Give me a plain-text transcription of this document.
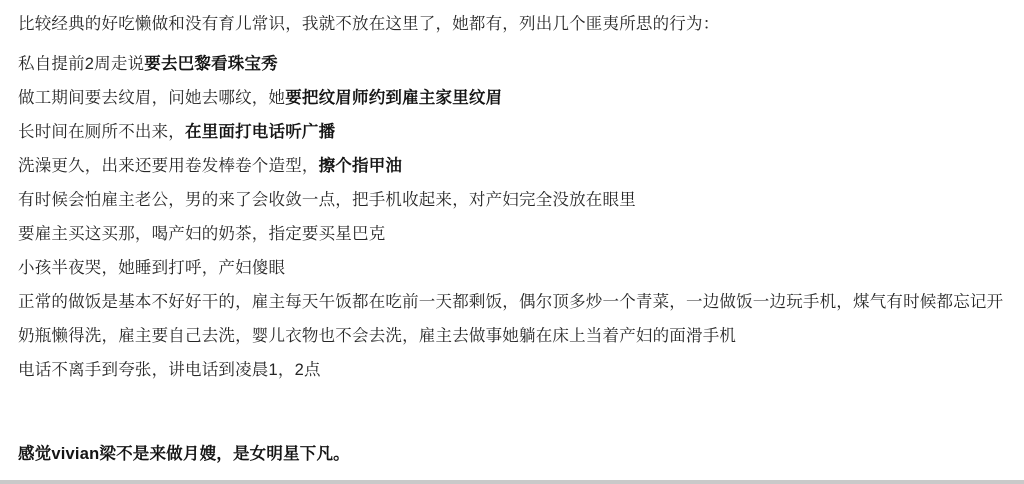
比较经典的好吃懒做和没有育儿常识，我就不放在这里了，她都有，列出几个匪夷所思的行为：

私自提前2周走说要去巴黎看珠宝秀

做工期间要去纹眉，问她去哪纹，她要把纹眉师约到雇主家里纹眉

长时间在厕所不出来，在里面打电话听广播

洗澡更久，出来还要用卷发棒卷个造型，擦个指甲油

有时候会怕雇主老公，男的来了会收敛一点，把手机收起来，对产妇完全没放在眼里

要雇主买这买那，喝产妇的奶茶，指定要买星巴克

小孩半夜哭，她睡到打呼，产妇傻眼

正常的做饭是基本不好好干的，雇主每天午饭都在吃前一天都剩饭，偶尔顶多炒一个青菜，一边做饭一边玩手机，煤气有时候都忘记开

奶瓶懒得洗，雇主要自己去洗，婴儿衣物也不会去洗，雇主去做事她躺在床上当着产妇的面滑手机

电话不离手到夸张，讲电话到凌晨1，2点

感觉vivian梁不是来做月嫂，是女明星下凡。
